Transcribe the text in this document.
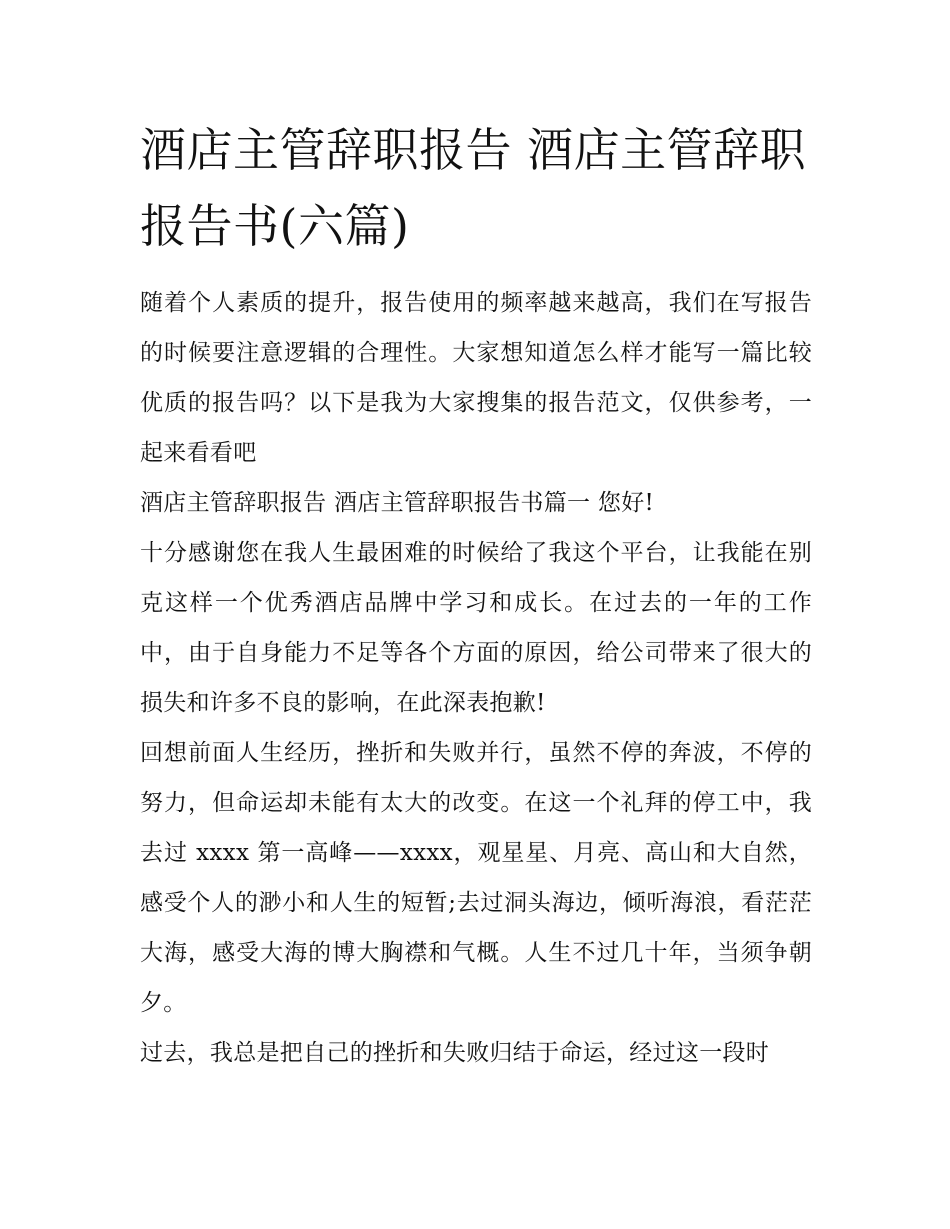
酒店主管辞职报告 酒店主管辞职报告书(六篇)

随着个人素质的提升，报告使用的频率越来越高，我们在写报告的时候要注意逻辑的合理性。大家想知道怎么样才能写一篇比较优质的报告吗？以下是我为大家搜集的报告范文，仅供参考，一起来看看吧

酒店主管辞职报告 酒店主管辞职报告书篇一 您好!

十分感谢您在我人生最困难的时候给了我这个平台，让我能在别克这样一个优秀酒店品牌中学习和成长。在过去的一年的工作中，由于自身能力不足等各个方面的原因，给公司带来了很大的损失和许多不良的影响，在此深表抱歉!

回想前面人生经历，挫折和失败并行，虽然不停的奔波，不停的努力，但命运却未能有太大的改变。在这一个礼拜的停工中，我去过 xxxx 第一高峰——xxxx，观星星、月亮、高山和大自然，感受个人的渺小和人生的短暂;去过洞头海边，倾听海浪，看茫茫大海，感受大海的博大胸襟和气概。人生不过几十年，当须争朝夕。

过去，我总是把自己的挫折和失败归结于命运，经过这一段时
